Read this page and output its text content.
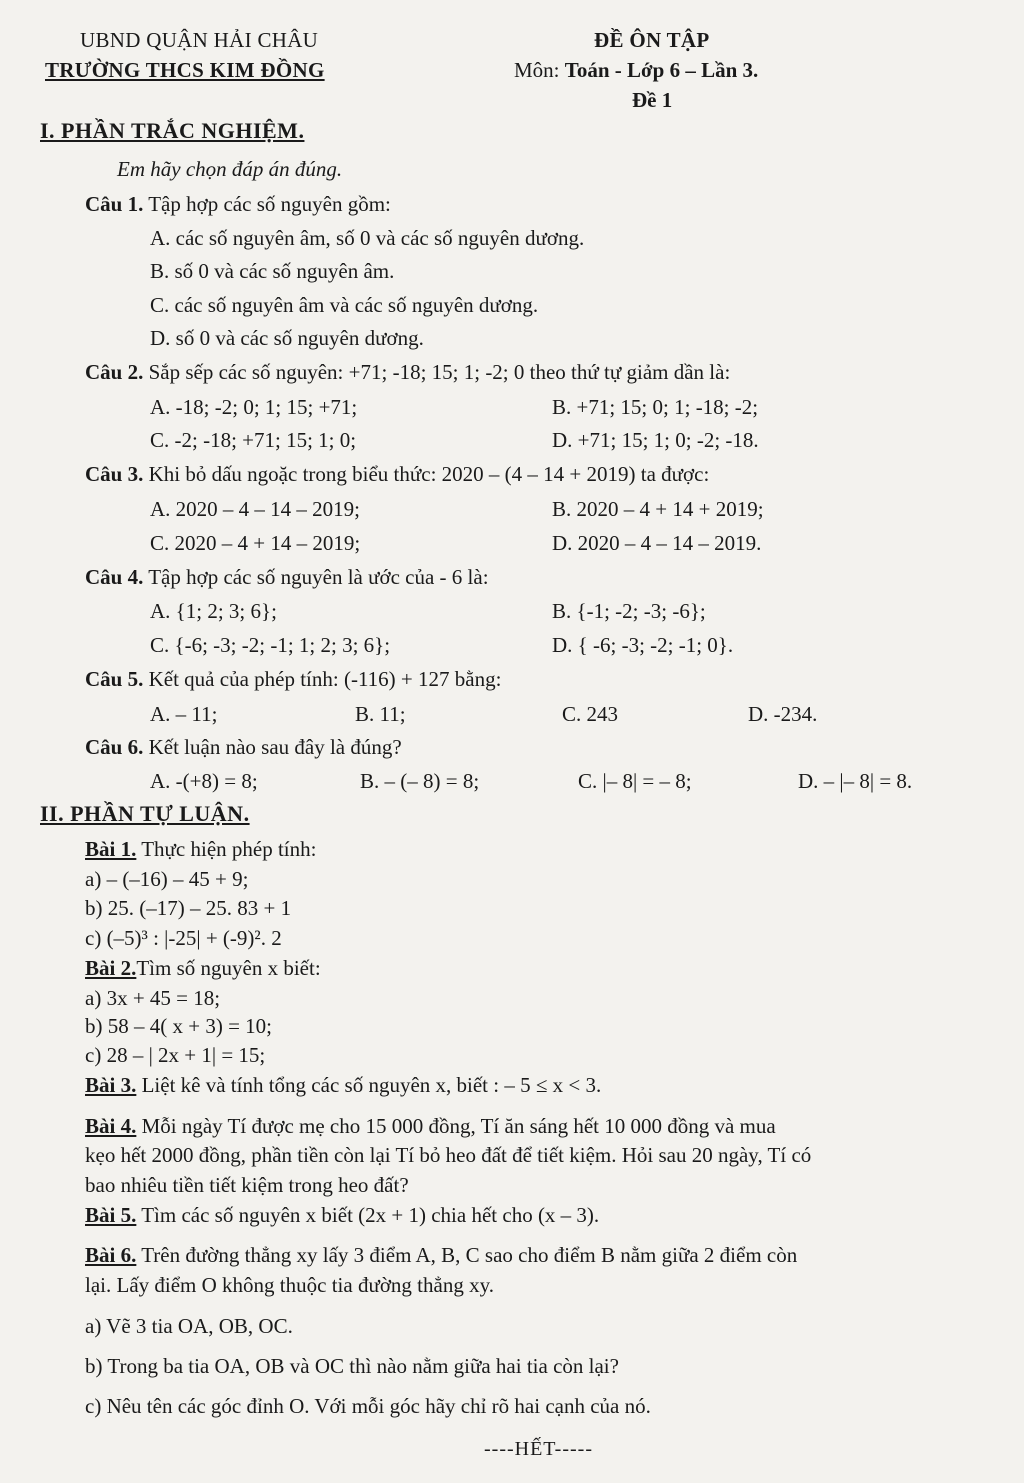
UBND QUẬN HẢI CHÂU
TRƯỜNG THCS KIM ĐỒNG
ĐỀ ÔN TẬP
Môn: Toán - Lớp 6 – Lần 3.
Đề 1
I. PHẦN TRẮC NGHIỆM.
Em hãy chọn đáp án đúng.
Câu 1. Tập hợp các số nguyên gồm:
A. các số nguyên âm, số 0 và các số nguyên dương.
B. số 0 và các số nguyên âm.
C. các số nguyên âm và các số nguyên dương.
D. số 0 và các số nguyên dương.
Câu 2. Sắp sếp các số nguyên: +71; -18; 15; 1; -2; 0 theo thứ tự giảm dần là:
A. -18; -2; 0; 1; 15; +71;	B. +71; 15; 0; 1; -18; -2;
C. -2; -18; +71; 15; 1; 0;	D. +71; 15; 1; 0; -2; -18.
Câu 3. Khi bỏ dấu ngoặc trong biểu thức: 2020 – (4 – 14 + 2019) ta được:
A. 2020 – 4 – 14 – 2019;	B. 2020 – 4 + 14 + 2019;
C. 2020 – 4 + 14 – 2019;	D. 2020 – 4 – 14 – 2019.
Câu 4. Tập hợp các số nguyên là ước của - 6 là:
A. {1; 2; 3; 6};	B. {-1; -2; -3; -6};
C. {-6; -3; -2; -1; 1; 2; 3; 6};	D. { -6; -3; -2; -1; 0}.
Câu 5. Kết quả của phép tính: (-116) + 127 bằng:
A. – 11;	B. 11;	C. 243	D. -234.
Câu 6. Kết luận nào sau đây là đúng?
A. -(+8) = 8;	B. – (– 8) = 8;	C. |– 8| = – 8;	D. – |– 8| = 8.
II. PHẦN TỰ LUẬN.
Bài 1. Thực hiện phép tính:
a) – (–16) – 45 + 9;
b) 25. (–17) – 25. 83 + 1
c) (–5)³ : |-25| + (-9)². 2
Bài 2.Tìm số nguyên x biết:
a) 3x + 45 = 18;
b) 58 – 4( x + 3) = 10;
c) 28 – | 2x + 1| = 15;
Bài 3. Liệt kê và tính tổng các số nguyên x, biết : – 5 ≤ x < 3.
Bài 4. Mỗi ngày Tí được mẹ cho 15 000 đồng, Tí ăn sáng hết 10 000 đồng và mua
kẹo hết 2000 đồng, phần tiền còn lại Tí bỏ heo đất để tiết kiệm. Hỏi sau 20 ngày, Tí có
bao nhiêu tiền tiết kiệm trong heo đất?
Bài 5. Tìm các số nguyên x biết (2x + 1) chia hết cho (x – 3).
Bài 6. Trên đường thẳng xy lấy 3 điểm A, B, C sao cho điểm B nằm giữa 2 điểm còn
lại. Lấy điểm O không thuộc tia đường thẳng xy.
a) Vẽ 3 tia OA, OB, OC.
b) Trong ba tia OA, OB và OC thì nào nằm giữa hai tia còn lại?
c) Nêu tên các góc đỉnh O. Với mỗi góc hãy chỉ rõ hai cạnh của nó.
----HẾT-----
